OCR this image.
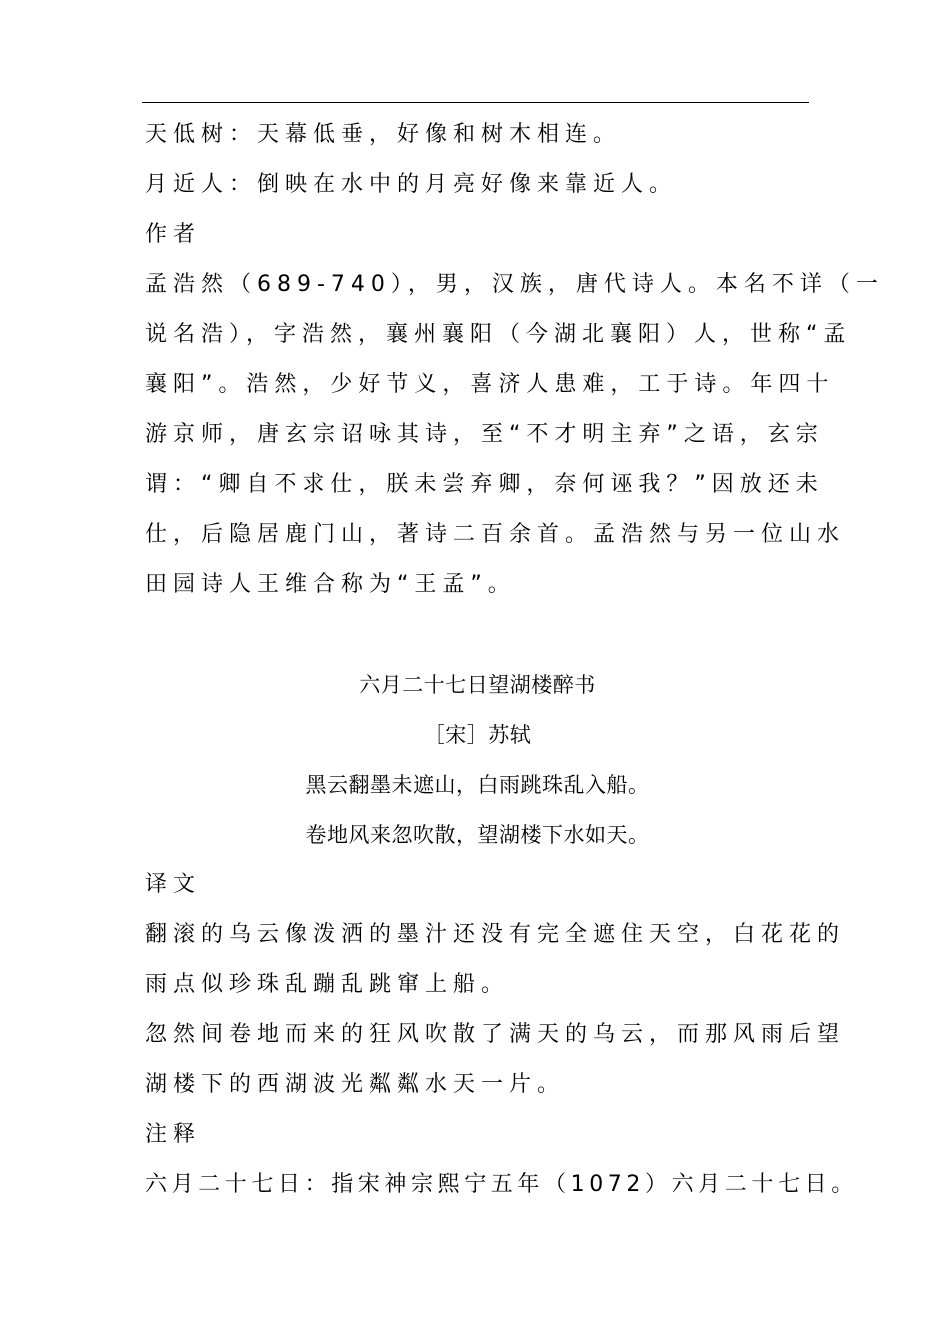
天低树：天幕低垂，好像和树木相连。
月近人：倒映在水中的月亮好像来靠近人。
作者
孟浩然（689-740），男，汉族，唐代诗人。本名不详（一
说名浩），字浩然，襄州襄阳（今湖北襄阳）人，世称“孟
襄阳”。浩然，少好节义，喜济人患难，工于诗。年四十
游京师，唐玄宗诏咏其诗，至“不才明主弃”之语，玄宗
谓：“卿自不求仕，朕未尝弃卿，奈何诬我？”因放还未
仕，后隐居鹿门山，著诗二百余首。孟浩然与另一位山水
田园诗人王维合称为“王孟”。
六月二十七日望湖楼醉书
［宋］苏轼
黑云翻墨未遮山，白雨跳珠乱入船。
卷地风来忽吹散，望湖楼下水如天。
译文
翻滚的乌云像泼洒的墨汁还没有完全遮住天空，白花花的
雨点似珍珠乱蹦乱跳窜上船。
忽然间卷地而来的狂风吹散了满天的乌云，而那风雨后望
湖楼下的西湖波光粼粼水天一片。
注释
六月二十七日：指宋神宗熙宁五年（1072）六月二十七日。
